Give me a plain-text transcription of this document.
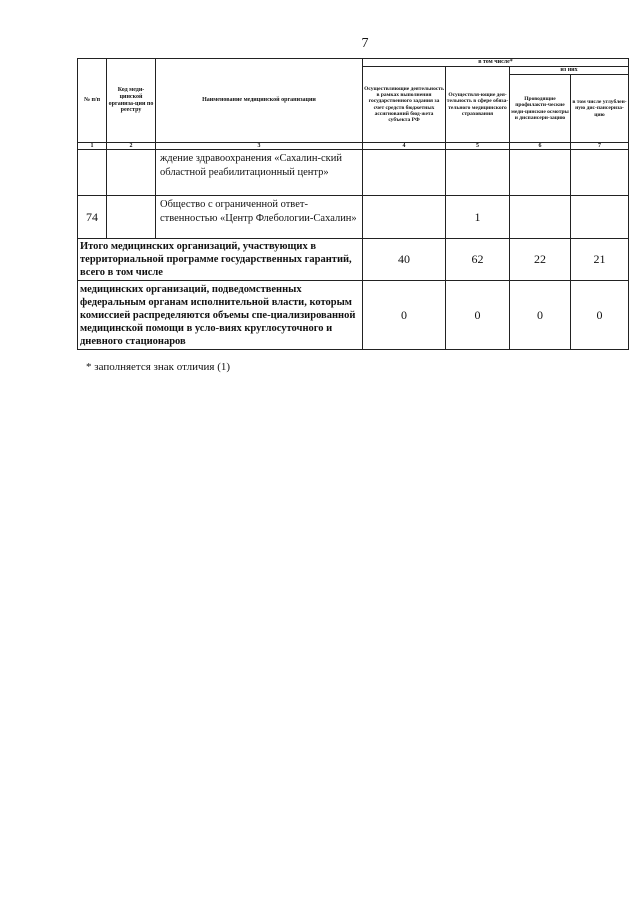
7
№ п/п	Код меди-цинской организа-ции по реестру	Наименование медицинской организации	в том числе*			
			Осуществляющие деятельность в рамках выполнения государственного задания за счет средств бюджетных ассигнований бюд-жета субъекта РФ	Осуществля-ющие дея-тельность в сфере обяза-тельного медицинского страхования	из них	
					Проводящие профилакти-ческие меди-цинские осмотры и диспансери-зацию	в том числе углублен-ную дис-пансериза-цию
1	2	3	4	5	6	7
		ждение здравоохранения «Сахалин-ский областной реабилитационный центр»				
74		Общество с ограниченной ответ-ственностью «Центр Флебологии-Сахалин»		1		
Итого медицинских организаций, участвующих в территориальной программе государственных гарантий, всего в том числе			40	62	22	21
медицинских организаций, подведомственных федеральным органам исполнительной власти, которым комиссией распределяются объемы спе-циализированной медицинской помощи в усло-виях круглосуточного и дневного стационаров			0	0	0	0
* заполняется знак отличия (1)
